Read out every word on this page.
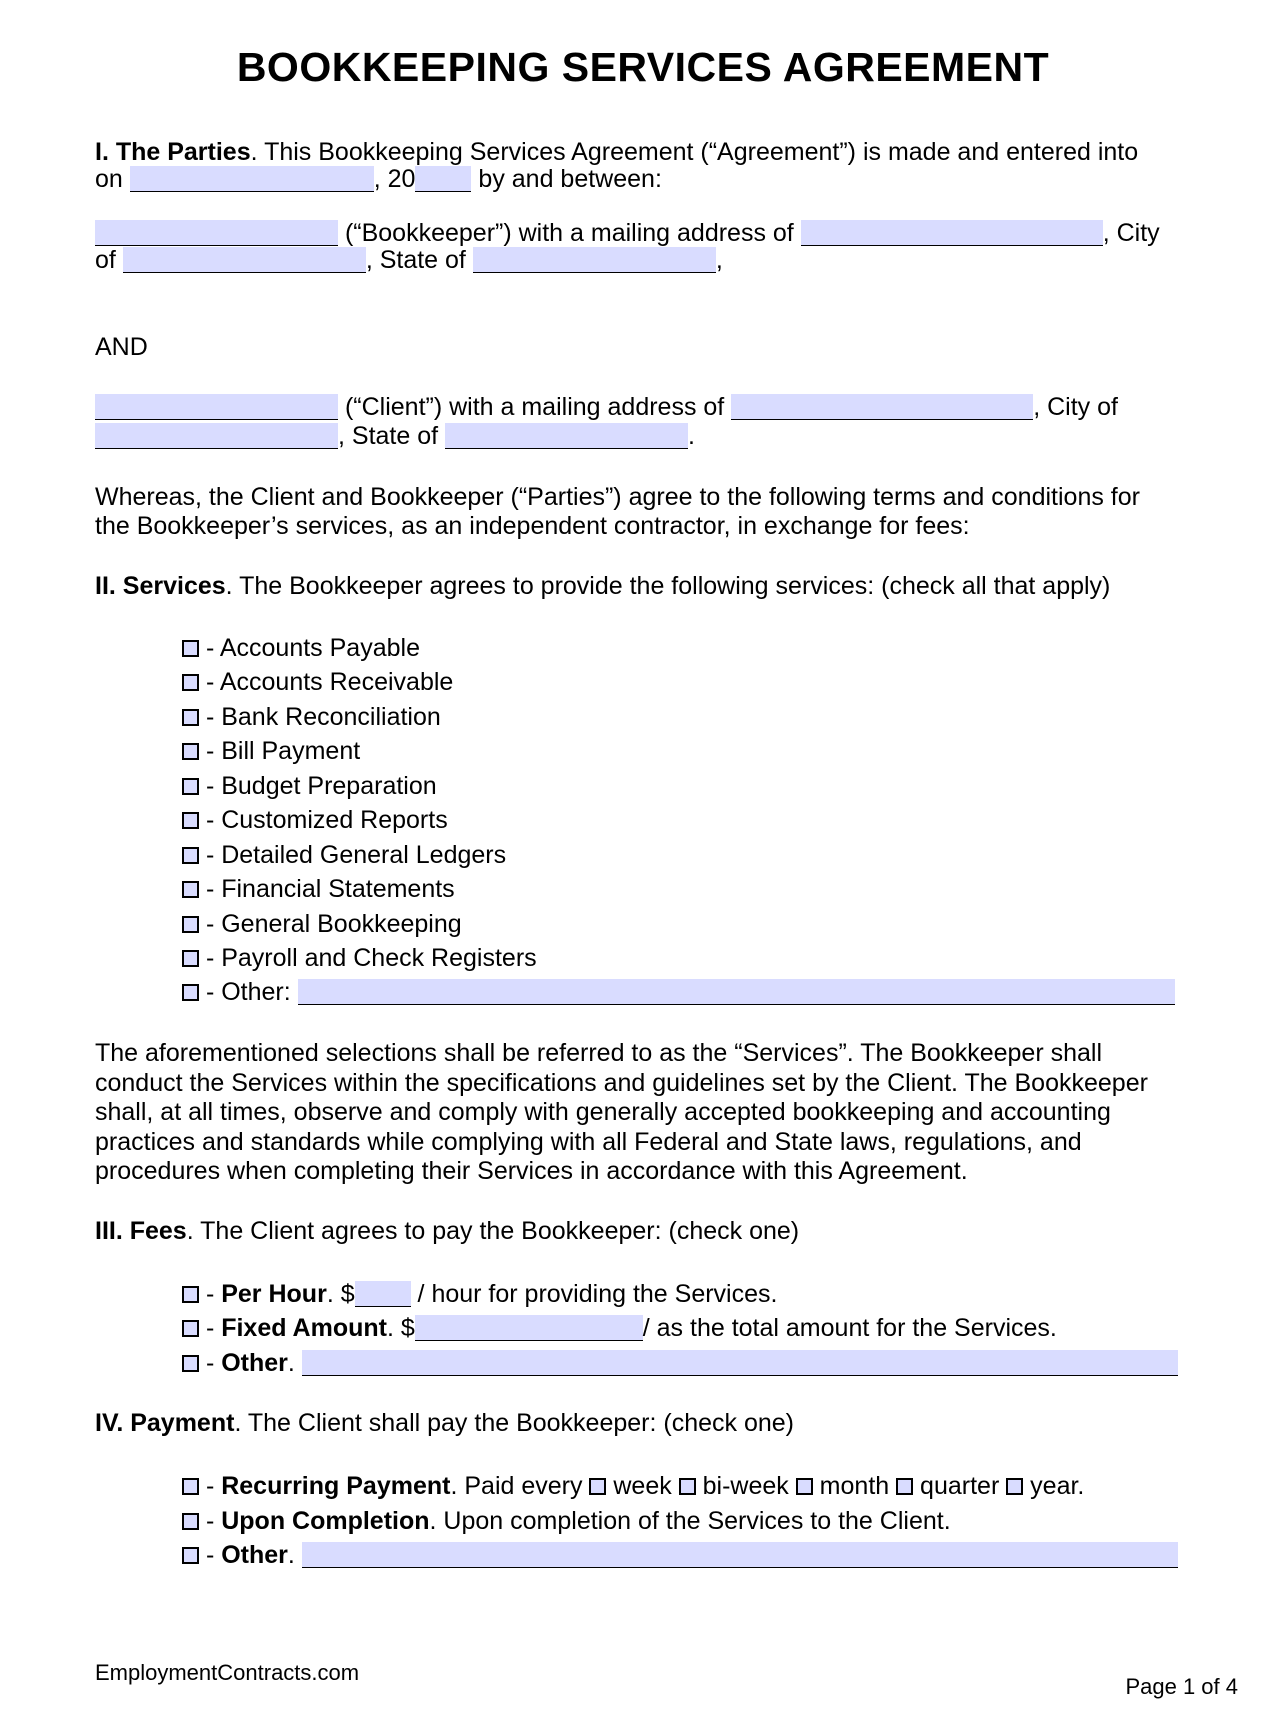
BOOKKEEPING SERVICES AGREEMENT
I. The Parties. This Bookkeeping Services Agreement (“Agreement”) is made and entered into
on	, 20 by and between:
(“Bookkeeper”) with a mailing address of	, City
of	, State of	,
AND
(“Client”) with a mailing address of	, City of
, State of	.
Whereas, the Client and Bookkeeper (“Parties”) agree to the following terms and conditions for
the Bookkeeper’s services, as an independent contractor, in exchange for fees:
II. Services. The Bookkeeper agrees to provide the following services: (check all that apply)
- Accounts Payable
- Accounts Receivable
- Bank Reconciliation
- Bill Payment
- Budget Preparation
- Customized Reports
- Detailed General Ledgers
- Financial Statements
- General Bookkeeping
- Payroll and Check Registers
- Other:
The aforementioned selections shall be referred to as the “Services”. The Bookkeeper shall
conduct the Services within the specifications and guidelines set by the Client. The Bookkeeper
shall, at all times, observe and comply with generally accepted bookkeeping and accounting
practices and standards while complying with all Federal and State laws, regulations, and
procedures when completing their Services in accordance with this Agreement.
III. Fees. The Client agrees to pay the Bookkeeper: (check one)
- Per Hour. $ / hour for providing the Services.
- Fixed Amount. $	/ as the total amount for the Services.
- Other.
IV. Payment. The Client shall pay the Bookkeeper: (check one)
- Recurring Payment. Paid every  week  bi-week  month  quarter  year.
- Upon Completion. Upon completion of the Services to the Client.
- Other.
EmploymentContracts.com
Page 1 of 4
